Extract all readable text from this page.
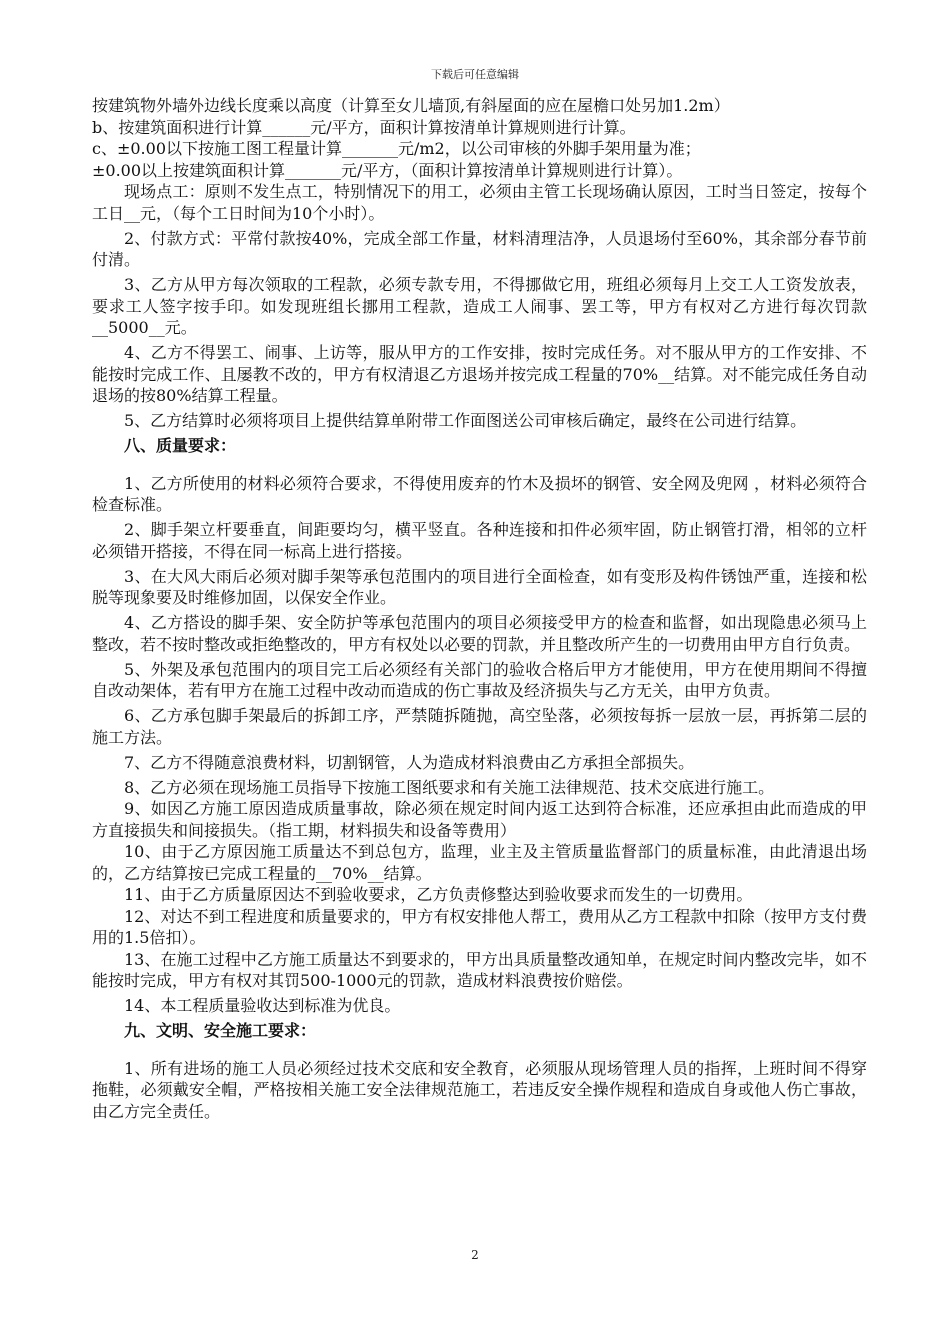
下载后可任意编辑

按建筑物外墙外边线长度乘以高度（计算至女儿墙顶,有斜屋面的应在屋檐口处另加1.2m）

b、按建筑面积进行计算______元/平方，面积计算按清单计算规则进行计算。

c、±0.00以下按施工图工程量计算_______元/m2，以公司审核的外脚手架用量为准；

±0.00以上按建筑面积计算_______元/平方，（面积计算按清单计算规则进行计算）。

现场点工：原则不发生点工，特别情况下的用工，必须由主管工长现场确认原因，工时当日签定，按每个工日__元，（每个工日时间为10个小时）。

2、付款方式：平常付款按40%，完成全部工作量，材料清理洁净，人员退场付至60%，其余部分春节前付清。

3、乙方从甲方每次领取的工程款，必须专款专用，不得挪做它用，班组必须每月上交工人工资发放表，要求工人签字按手印。如发现班组长挪用工程款，造成工人闹事、罢工等，甲方有权对乙方进行每次罚款__5000__元。

4、乙方不得罢工、闹事、上访等，服从甲方的工作安排，按时完成任务。对不服从甲方的工作安排、不能按时完成工作、且屡教不改的，甲方有权清退乙方退场并按完成工程量的70%__结算。对不能完成任务自动退场的按80%结算工程量。

5、乙方结算时必须将项目上提供结算单附带工作面图送公司审核后确定，最终在公司进行结算。

八、质量要求：

1、乙方所使用的材料必须符合要求，不得使用废弃的竹木及损坏的钢管、安全网及兜网 ，材料必须符合检查标准。

2、脚手架立杆要垂直，间距要均匀，横平竖直。各种连接和扣件必须牢固，防止钢管打滑，相邻的立杆必须错开搭接，不得在同一标高上进行搭接。

3、在大风大雨后必须对脚手架等承包范围内的项目进行全面检查，如有变形及构件锈蚀严重，连接和松脱等现象要及时维修加固，以保安全作业。

4、乙方搭设的脚手架、安全防护等承包范围内的项目必须接受甲方的检查和监督，如出现隐患必须马上整改，若不按时整改或拒绝整改的，甲方有权处以必要的罚款，并且整改所产生的一切费用由甲方自行负责。

5、外架及承包范围内的项目完工后必须经有关部门的验收合格后甲方才能使用，甲方在使用期间不得擅自改动架体，若有甲方在施工过程中改动而造成的伤亡事故及经济损失与乙方无关，由甲方负责。

6、乙方承包脚手架最后的拆卸工序，严禁随拆随抛，高空坠落，必须按每拆一层放一层，再拆第二层的施工方法。

7、乙方不得随意浪费材料，切割钢管，人为造成材料浪费由乙方承担全部损失。

8、乙方必须在现场施工员指导下按施工图纸要求和有关施工法律规范、技术交底进行施工。

9、如因乙方施工原因造成质量事故，除必须在规定时间内返工达到符合标准，还应承担由此而造成的甲方直接损失和间接损失。（指工期，材料损失和设备等费用）

10、由于乙方原因施工质量达不到总包方，监理，业主及主管质量监督部门的质量标准，由此清退出场的，乙方结算按已完成工程量的__70%__结算。

11、由于乙方质量原因达不到验收要求，乙方负责修整达到验收要求而发生的一切费用。

12、对达不到工程进度和质量要求的，甲方有权安排他人帮工，费用从乙方工程款中扣除（按甲方支付费用的1.5倍扣）。

13、在施工过程中乙方施工质量达不到要求的，甲方出具质量整改通知单，在规定时间内整改完毕，如不能按时完成，甲方有权对其罚500-1000元的罚款，造成材料浪费按价赔偿。

14、本工程质量验收达到标准为优良。

九、文明、安全施工要求：

1、所有进场的施工人员必须经过技术交底和安全教育，必须服从现场管理人员的指挥，上班时间不得穿拖鞋，必须戴安全帽，严格按相关施工安全法律规范施工，若违反安全操作规程和造成自身或他人伤亡事故，由乙方完全责任。

2
